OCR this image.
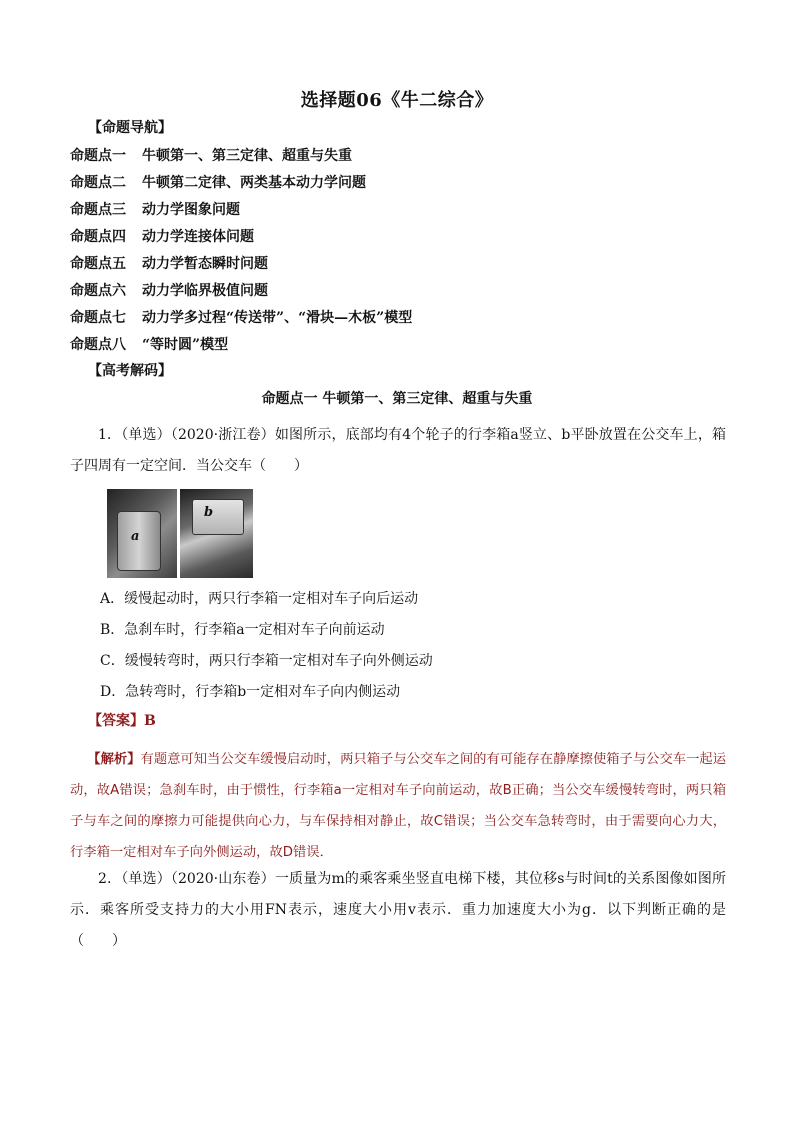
选择题06《牛二综合》
【命题导航】
命题点一 牛顿第一、第三定律、超重与失重
命题点二 牛顿第二定律、两类基本动力学问题
命题点三 动力学图象问题
命题点四 动力学连接体问题
命题点五 动力学暂态瞬时问题
命题点六 动力学临界极值问题
命题点七 动力学多过程“传送带”、“滑块—木板”模型
命题点八 “等时圆”模型
【高考解码】
命题点一 牛顿第一、第三定律、超重与失重
1．（单选）（2020·浙江卷）如图所示，底部均有4个轮子的行李箱a竖立、b平卧放置在公交车上，箱子四周有一定空间．当公交车（　　）
a
b
A．缓慢起动时，两只行李箱一定相对车子向后运动
B．急刹车时，行李箱a一定相对车子向前运动
C．缓慢转弯时，两只行李箱一定相对车子向外侧运动
D．急转弯时，行李箱b一定相对车子向内侧运动
【答案】B
【解析】有题意可知当公交车缓慢启动时，两只箱子与公交车之间的有可能存在静摩擦使箱子与公交车一起运动，故A错误；急刹车时，由于惯性，行李箱a一定相对车子向前运动，故B正确；当公交车缓慢转弯时，两只箱子与车之间的摩擦力可能提供向心力，与车保持相对静止，故C错误；当公交车急转弯时，由于需要向心力大，行李箱一定相对车子向外侧运动，故D错误．
2．（单选）（2020·山东卷）一质量为m的乘客乘坐竖直电梯下楼，其位移s与时间t的关系图像如图所示．乘客所受支持力的大小用FN表示，速度大小用v表示．重力加速度大小为g．以下判断正确的是（　　）
